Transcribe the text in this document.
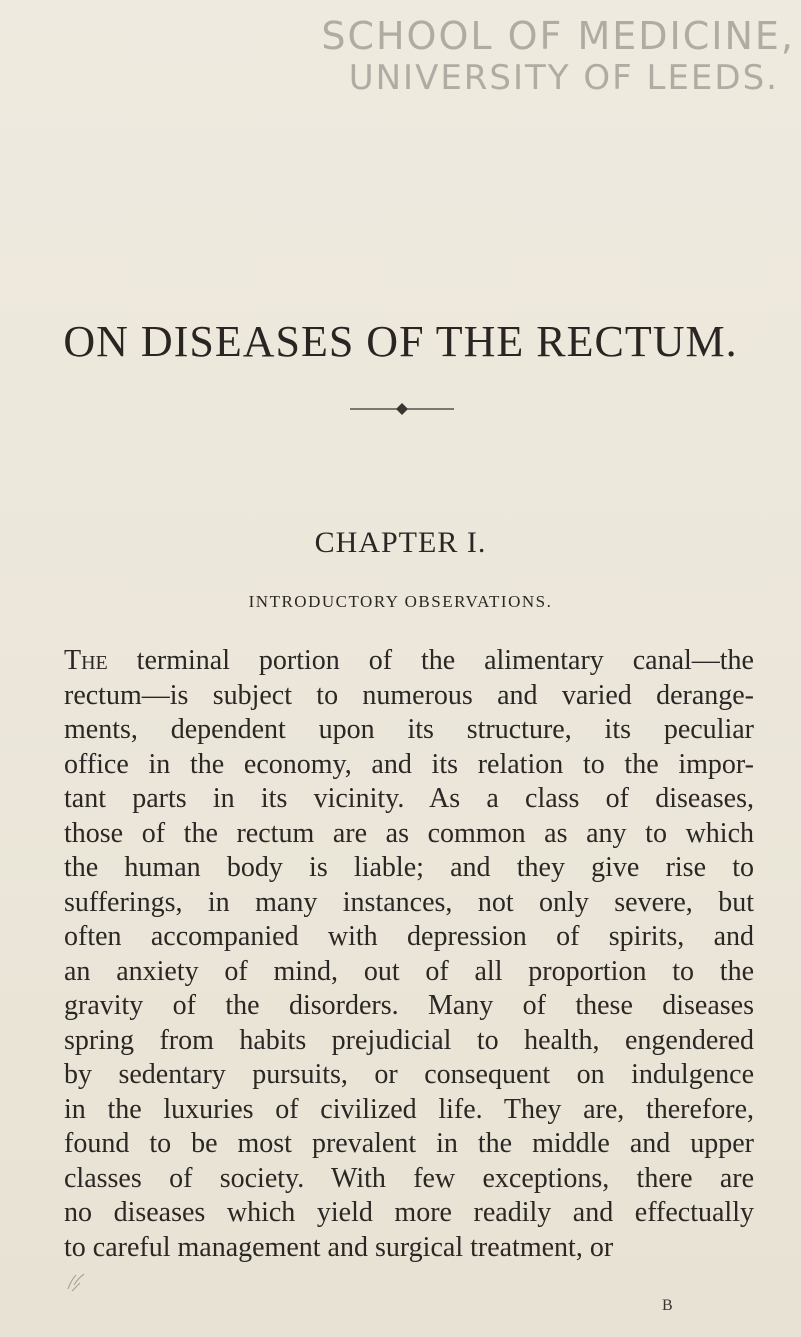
SCHOOL OF MEDICINE,
UNIVERSITY OF LEEDS.
ON DISEASES OF THE RECTUM.
CHAPTER I.
INTRODUCTORY OBSERVATIONS.
The terminal portion of the alimentary canal—the
rectum—is subject to numerous and varied derange-
ments, dependent upon its structure, its peculiar
office in the economy, and its relation to the impor-
tant parts in its vicinity. As a class of diseases,
those of the rectum are as common as any to which
the human body is liable; and they give rise to
sufferings, in many instances, not only severe, but
often accompanied with depression of spirits, and
an anxiety of mind, out of all proportion to the
gravity of the disorders. Many of these diseases
spring from habits prejudicial to health, engendered
by sedentary pursuits, or consequent on indulgence
in the luxuries of civilized life. They are, therefore,
found to be most prevalent in the middle and upper
classes of society. With few exceptions, there are
no diseases which yield more readily and effectually
to careful management and surgical treatment, or
B
